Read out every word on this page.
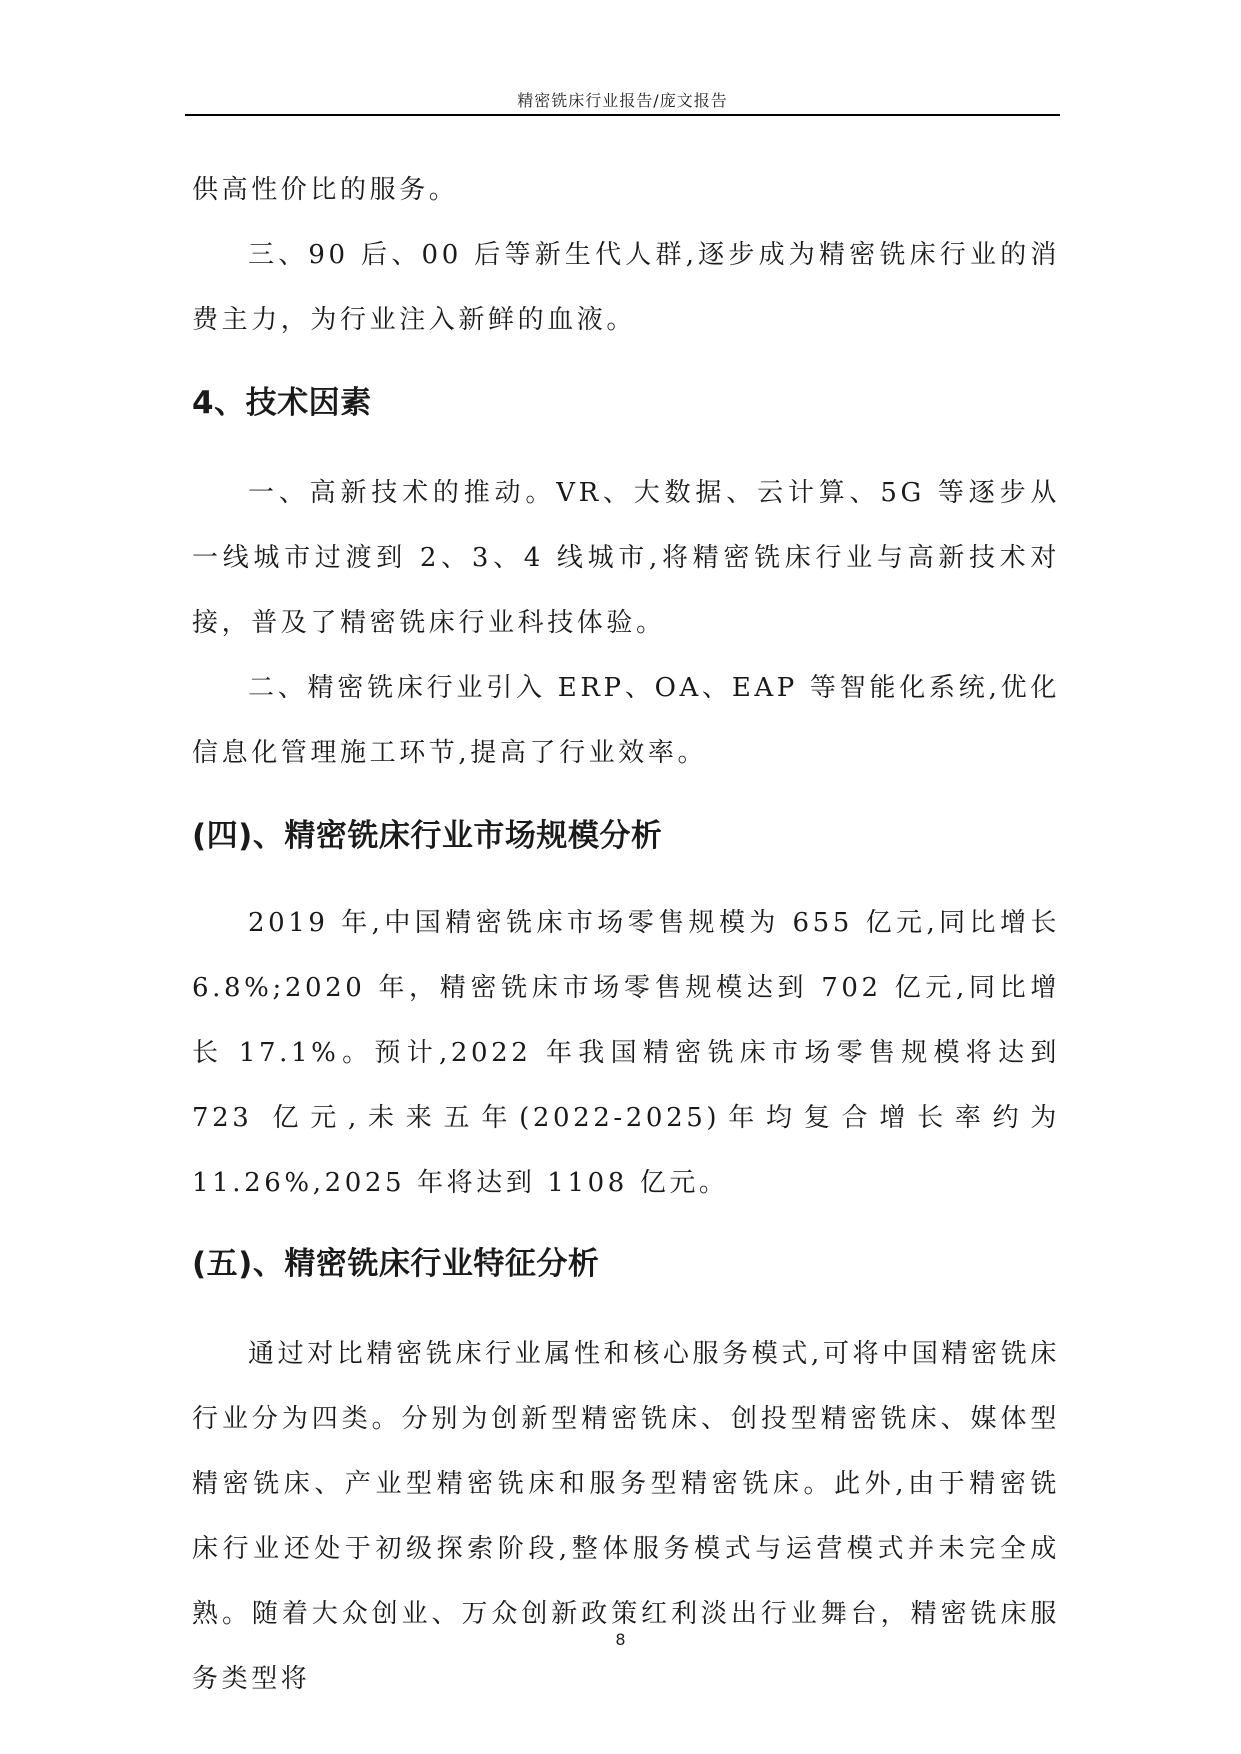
精密铣床行业报告/庞文报告

供高性价比的服务。

三、90 后、00 后等新生代人群,逐步成为精密铣床行业的消费主力，为行业注入新鲜的血液。

4、技术因素

一、高新技术的推动。VR、大数据、云计算、5G 等逐步从一线城市过渡到 2、3、4 线城市,将精密铣床行业与高新技术对接，普及了精密铣床行业科技体验。

二、精密铣床行业引入 ERP、OA、EAP 等智能化系统,优化信息化管理施工环节,提高了行业效率。

(四)、精密铣床行业市场规模分析

2019 年,中国精密铣床市场零售规模为 655 亿元,同比增长 6.8%;2020 年，精密铣床市场零售规模达到 702 亿元,同比增长 17.1%。预计,2022 年我国精密铣床市场零售规模将达到 723 亿元,未来五年(2022-2025)年均复合增长率约为 11.26%,2025 年将达到 1108 亿元。

(五)、精密铣床行业特征分析

通过对比精密铣床行业属性和核心服务模式,可将中国精密铣床行业分为四类。分别为创新型精密铣床、创投型精密铣床、媒体型精密铣床、产业型精密铣床和服务型精密铣床。此外,由于精密铣床行业还处于初级探索阶段,整体服务模式与运营模式并未完全成熟。随着大众创业、万众创新政策红利淡出行业舞台，精密铣床服务类型将

8
